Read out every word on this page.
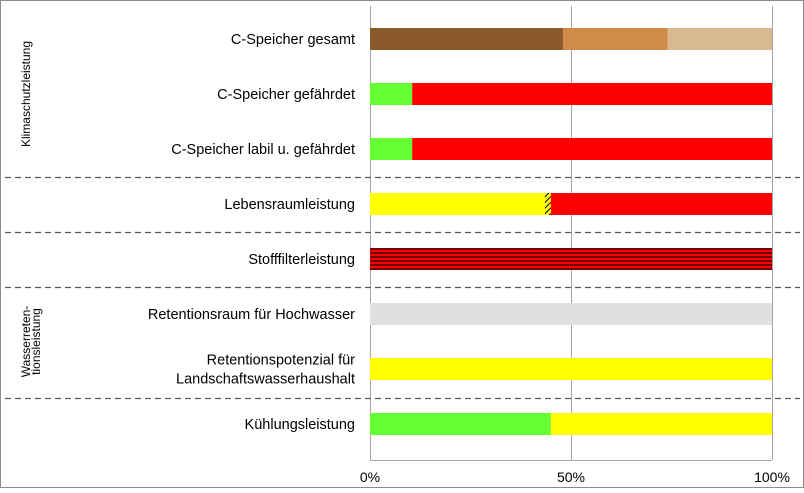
0%	50%	100%
C-Speicher gesamt
C-Speicher gefährdet
C-Speicher labil u. gefährdet
Lebensraumleistung
Stofffilterleistung
Retentionsraum für Hochwasser
Retentionspotenzial für
Landschaftswasserhaushalt
Kühlungsleistung
Klimaschutzleistung
Wasserreten-
tionsleistung
